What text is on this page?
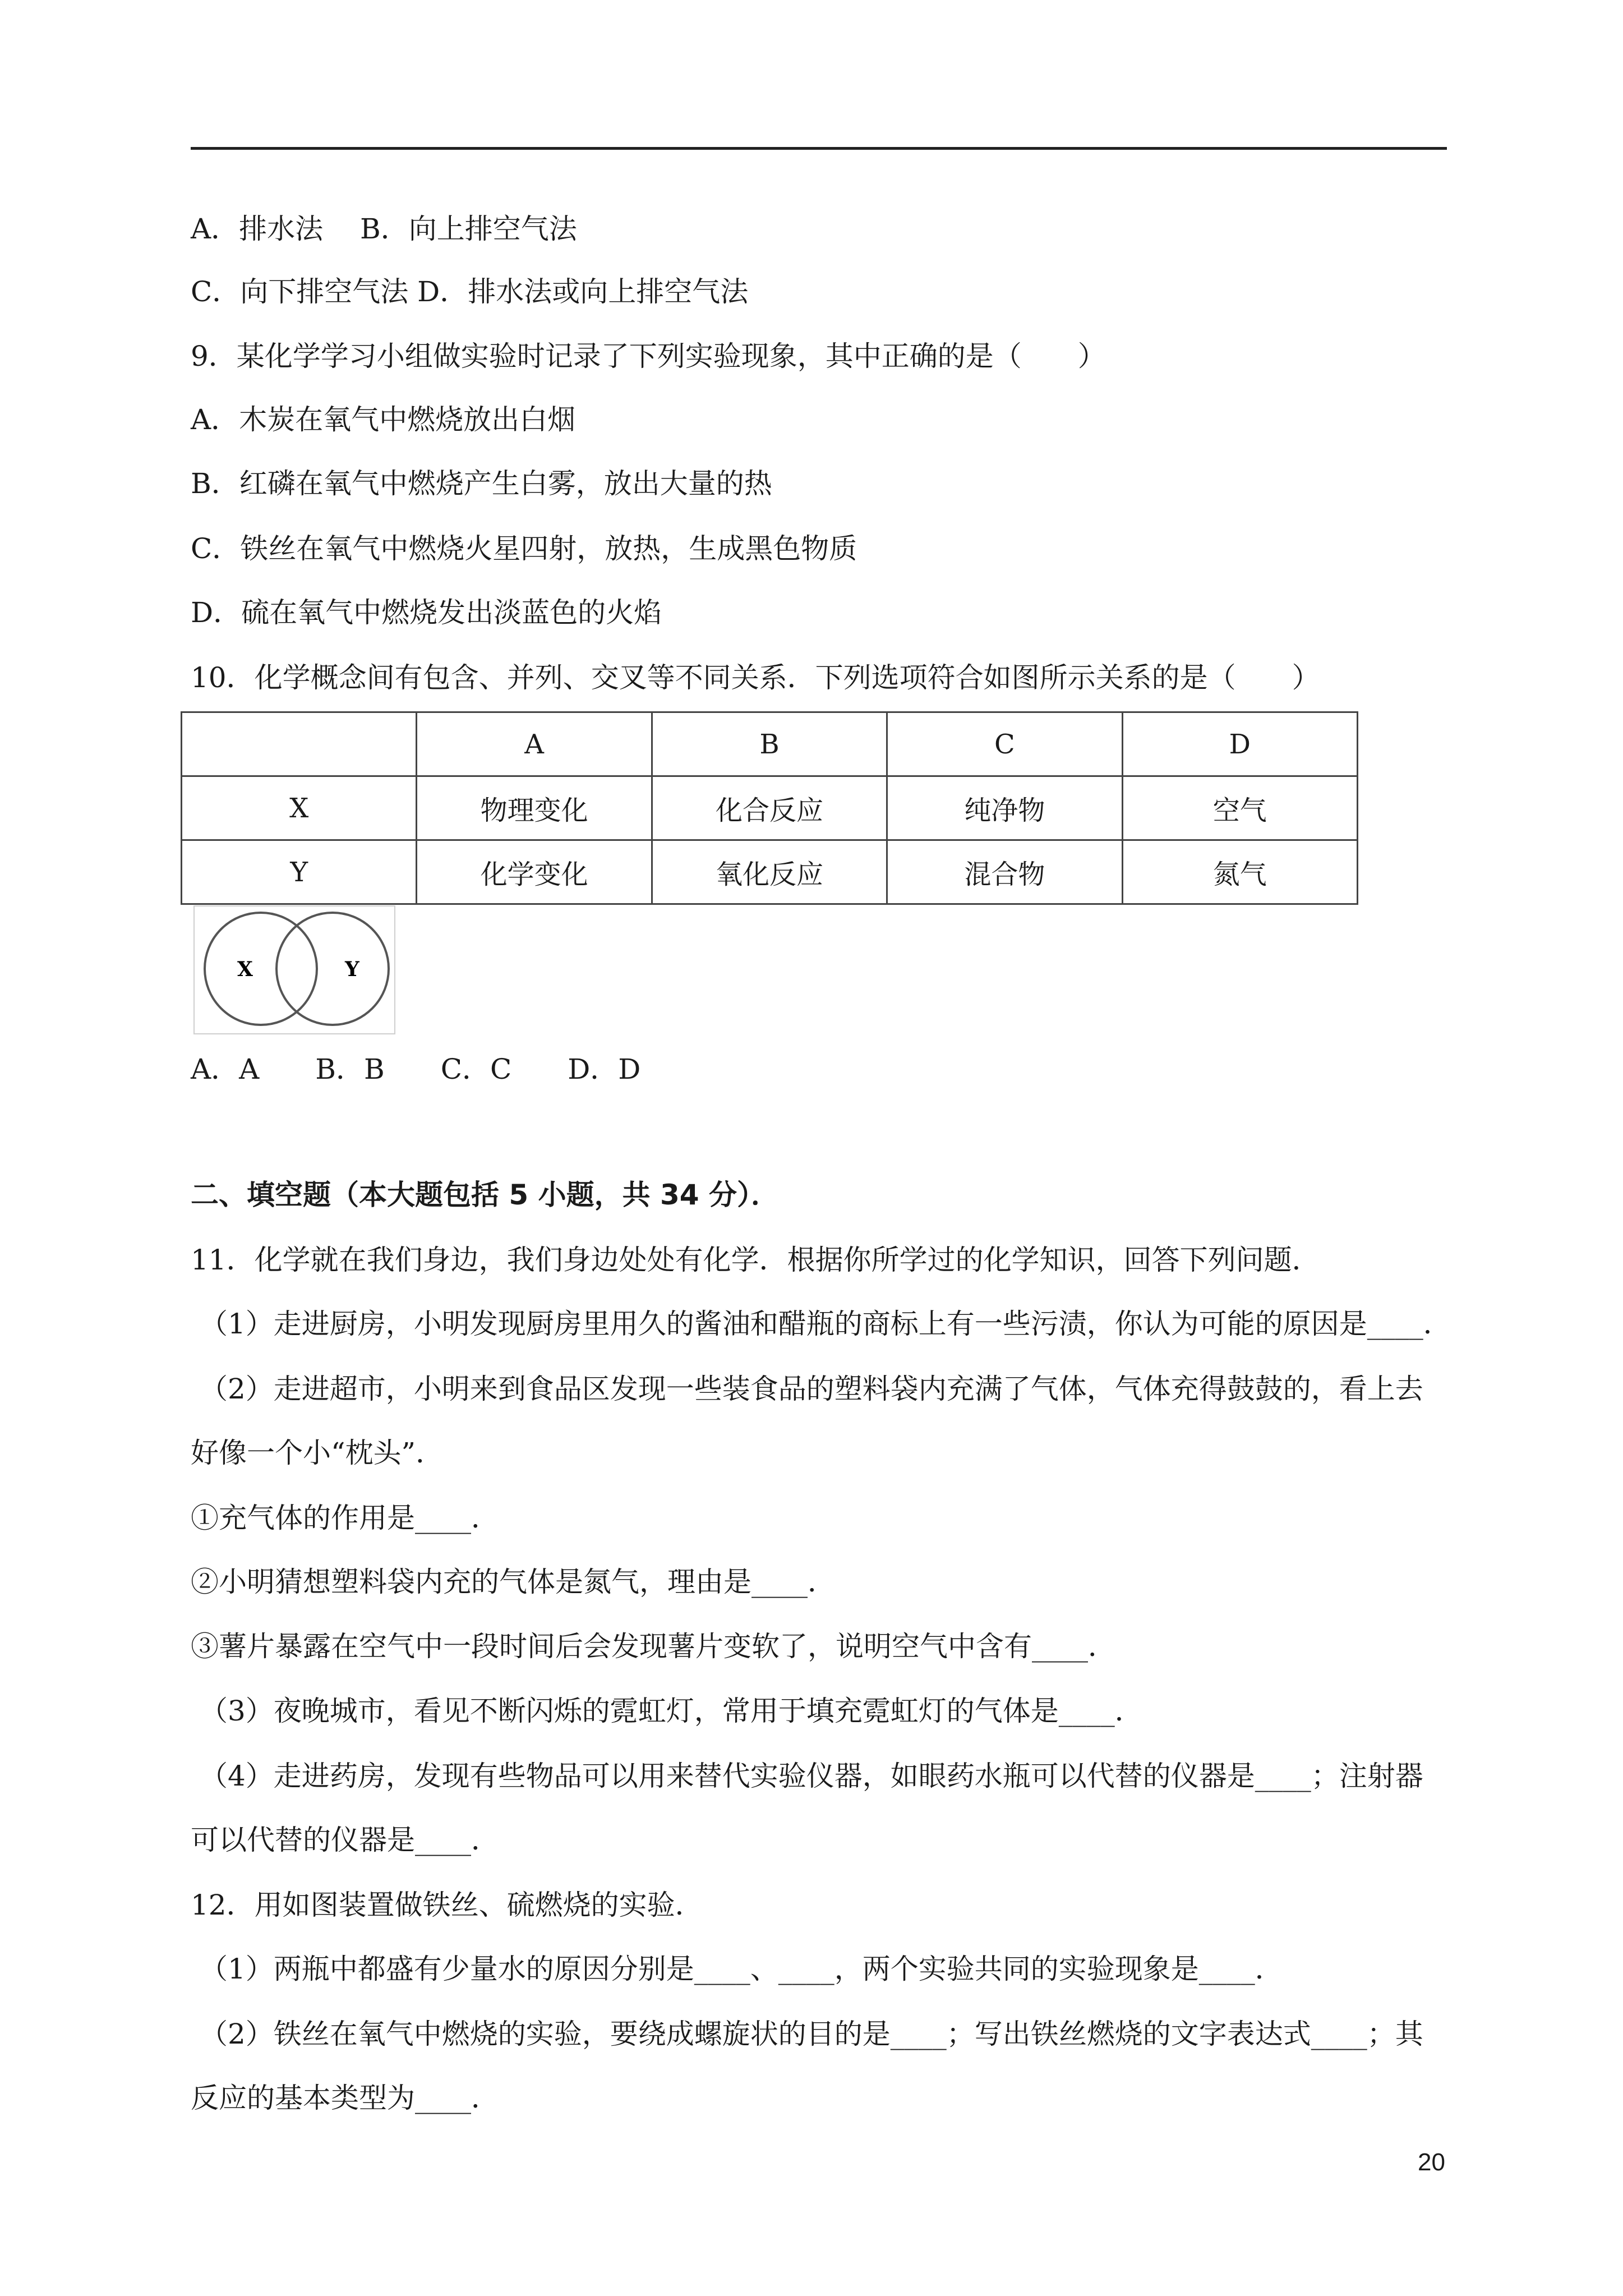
A．排水法　 B．向上排空气法
C．向下排空气法 D．排水法或向上排空气法
9．某化学学习小组做实验时记录了下列实验现象，其中正确的是（　　）
A．木炭在氧气中燃烧放出白烟
B．红磷在氧气中燃烧产生白雾，放出大量的热
C．铁丝在氧气中燃烧火星四射，放热，生成黑色物质
D．硫在氧气中燃烧发出淡蓝色的火焰
10．化学概念间有包含、并列、交叉等不同关系．下列选项符合如图所示关系的是（　　）
	A	B	C	D
X	物理变化	化合反应	纯净物	空气
Y	化学变化	氧化反应	混合物	氮气
X	Y
A．A　　B．B　　C．C　　D．D
二、填空题（本大题包括 5 小题，共 34 分）．
11．化学就在我们身边，我们身边处处有化学．根据你所学过的化学知识，回答下列问题．
（1）走进厨房，小明发现厨房里用久的酱油和醋瓶的商标上有一些污渍，你认为可能的原因是____．
（2）走进超市，小明来到食品区发现一些装食品的塑料袋内充满了气体，气体充得鼓鼓的，看上去
好像一个小“枕头”．
①充气体的作用是____．
②小明猜想塑料袋内充的气体是氮气，理由是____．
③薯片暴露在空气中一段时间后会发现薯片变软了，说明空气中含有____．
（3）夜晚城市，看见不断闪烁的霓虹灯，常用于填充霓虹灯的气体是____．
（4）走进药房，发现有些物品可以用来替代实验仪器，如眼药水瓶可以代替的仪器是____；注射器
可以代替的仪器是____．
12．用如图装置做铁丝、硫燃烧的实验．
（1）两瓶中都盛有少量水的原因分别是____、____，两个实验共同的实验现象是____．
（2）铁丝在氧气中燃烧的实验，要绕成螺旋状的目的是____；写出铁丝燃烧的文字表达式____；其
反应的基本类型为____．
20
